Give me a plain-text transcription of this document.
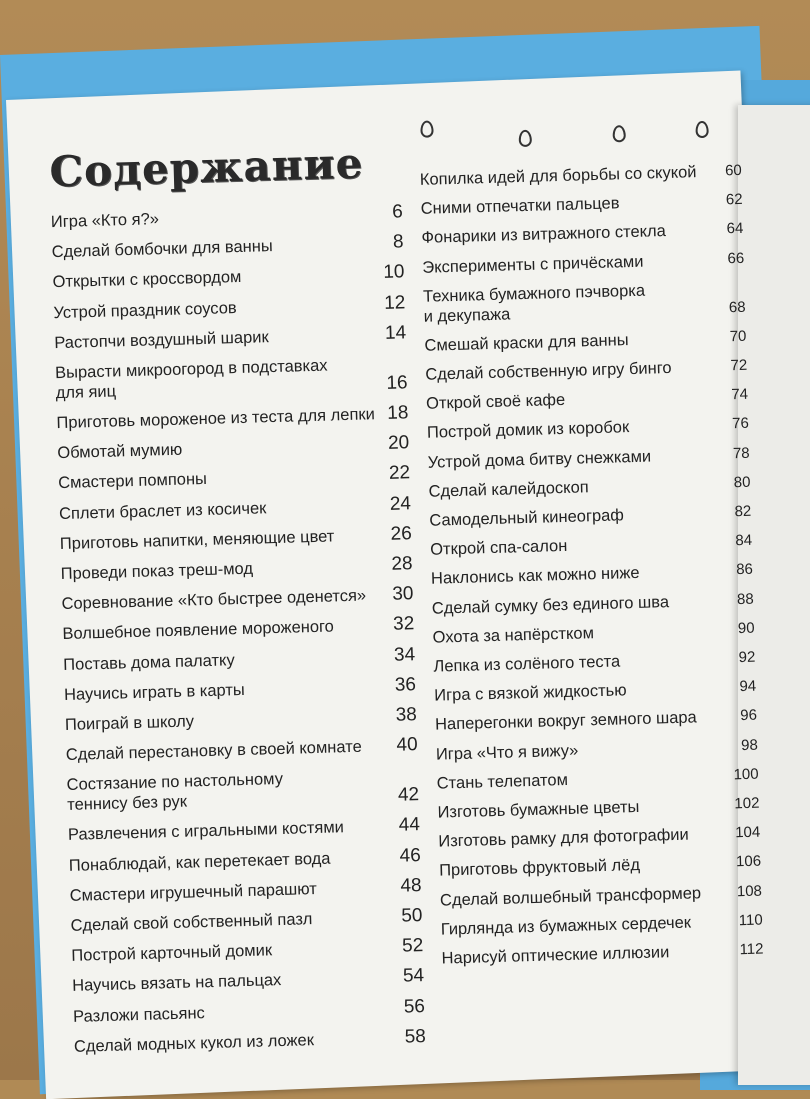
Содержание
Игра «Кто я?»	6
Сделай бомбочки для ванны	8
Открытки с кроссвордом	10
Устрой праздник соусов	12
Растопчи воздушный шарик	14
Вырасти микроогород в подставках
для яиц	16
Приготовь мороженое из теста для лепки 18
Обмотай мумию	20
Смастери помпоны	22
Сплети браслет из косичек	24
Приготовь напитки, меняющие цвет	26
Проведи показ треш-мод	28
Соревнование «Кто быстрее оденется»	30
Волшебное появление мороженого	32
Поставь дома палатку	34
Научись играть в карты	36
Поиграй в школу	38
Сделай перестановку в своей комнате	40
Состязание по настольному
теннису без рук	42
Развлечения с игральными костями	44
Понаблюдай, как перетекает вода	46
Смастери игрушечный парашют	48
Сделай свой собственный пазл	50
Построй карточный домик	52
Научись вязать на пальцах	54
Разложи пасьянс	56
Сделай модных кукол из ложек	58
Копилка идей для борьбы со скукой	60
Сними отпечатки пальцев	62
Фонарики из витражного стекла	64
Эксперименты с причёсками	66
Техника бумажного пэчворка
и декупажа	68
Смешай краски для ванны	70
Сделай собственную игру бинго	72
Открой своё кафе	74
Построй домик из коробок	76
Устрой дома битву снежками	78
Сделай калейдоскоп	80
Самодельный кинеограф	82
Открой спа-салон	84
Наклонись как можно ниже	86
Сделай сумку без единого шва	88
Охота за напёрстком	90
Лепка из солёного теста	92
Игра с вязкой жидкостью	94
Наперегонки вокруг земного шара	96
Игра «Что я вижу»	98
Стань телепатом	100
Изготовь бумажные цветы	102
Изготовь рамку для фотографии	104
Приготовь фруктовый лёд	106
Сделай волшебный трансформер	108
Гирлянда из бумажных сердечек	110
Нарисуй оптические иллюзии	112
